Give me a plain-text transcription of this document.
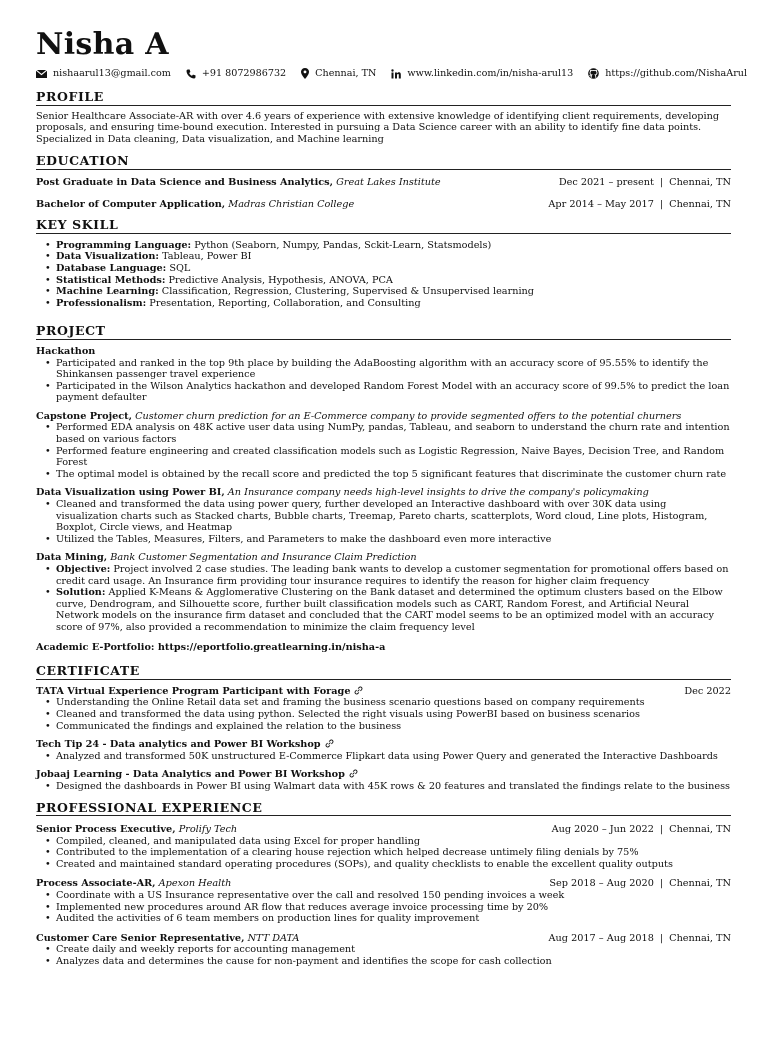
Nisha A
nishaarul13@gmail.com	+91 8072986732	Chennai, TN	www.linkedin.com/in/nisha-arul13	https://github.com/NishaArul
PROFILE
Senior Healthcare Associate-AR with over 4.6 years of experience with extensive knowledge of identifying client requirements, developing proposals, and ensuring time-bound execution. Interested in pursuing a Data Science career with an ability to identify fine data points. Specialized in Data cleaning, Data visualization, and Machine learning
EDUCATION
Post Graduate in Data Science and Business Analytics, Great Lakes Institute	Dec 2021 – present | Chennai, TN
Bachelor of Computer Application, Madras Christian College	Apr 2014 – May 2017 | Chennai, TN
KEY SKILL
• Programming Language: Python (Seaborn, Numpy, Pandas, Sckit-Learn, Statsmodels)
• Data Visualization: Tableau, Power BI
• Database Language: SQL
• Statistical Methods: Predictive Analysis, Hypothesis, ANOVA, PCA
• Machine Learning: Classification, Regression, Clustering, Supervised & Unsupervised learning
• Professionalism: Presentation, Reporting, Collaboration, and Consulting
PROJECT
Hackathon
• Participated and ranked in the top 9th place by building the AdaBoosting algorithm with an accuracy score of 95.55% to identify the Shinkansen passenger travel experience
• Participated in the Wilson Analytics hackathon and developed Random Forest Model with an accuracy score of 99.5% to predict the loan payment defaulter
Capstone Project, Customer churn prediction for an E-Commerce company to provide segmented offers to the potential churners
• Performed EDA analysis on 48K active user data using NumPy, pandas, Tableau, and seaborn to understand the churn rate and intention based on various factors
• Performed feature engineering and created classification models such as Logistic Regression, Naive Bayes, Decision Tree, and Random Forest
• The optimal model is obtained by the recall score and predicted the top 5 significant features that discriminate the customer churn rate
Data Visualization using Power BI, An Insurance company needs high-level insights to drive the company's policymaking
• Cleaned and transformed the data using power query, further developed an Interactive dashboard with over 30K data using visualization charts such as Stacked charts, Bubble charts, Treemap, Pareto charts, scatterplots, Word cloud, Line plots, Histogram, Boxplot, Circle views, and Heatmap
• Utilized the Tables, Measures, Filters, and Parameters to make the dashboard even more interactive
Data Mining, Bank Customer Segmentation and Insurance Claim Prediction
• Objective: Project involved 2 case studies. The leading bank wants to develop a customer segmentation for promotional offers based on credit card usage. An Insurance firm providing tour insurance requires to identify the reason for higher claim frequency
• Solution: Applied K-Means & Agglomerative Clustering on the Bank dataset and determined the optimum clusters based on the Elbow curve, Dendrogram, and Silhouette score, further built classification models such as CART, Random Forest, and Artificial Neural Network models on the insurance firm dataset and concluded that the CART model seems to be an optimized model with an accuracy score of 97%, also provided a recommendation to minimize the claim frequency level
Academic E-Portfolio: https://eportfolio.greatlearning.in/nisha-a
CERTIFICATE
TATA Virtual Experience Program Participant with Forage	Dec 2022
• Understanding the Online Retail data set and framing the business scenario questions based on company requirements
• Cleaned and transformed the data using python. Selected the right visuals using PowerBI based on business scenarios
• Communicated the findings and explained the relation to the business
Tech Tip 24 - Data analytics and Power BI Workshop
• Analyzed and transformed 50K unstructured E-Commerce Flipkart data using Power Query and generated the Interactive Dashboards
Jobaaj Learning - Data Analytics and Power BI Workshop
• Designed the dashboards in Power BI using Walmart data with 45K rows & 20 features and translated the findings relate to the business
PROFESSIONAL EXPERIENCE
Senior Process Executive, Prolify Tech	Aug 2020 – Jun 2022 | Chennai, TN
• Compiled, cleaned, and manipulated data using Excel for proper handling
• Contributed to the implementation of a clearing house rejection which helped decrease untimely filing denials by 75%
• Created and maintained standard operating procedures (SOPs), and quality checklists to enable the excellent quality outputs
Process Associate-AR, Apexon Health	Sep 2018 – Aug 2020 | Chennai, TN
• Coordinate with a US Insurance representative over the call and resolved 150 pending invoices a week
• Implemented new procedures around AR flow that reduces average invoice processing time by 20%
• Audited the activities of 6 team members on production lines for quality improvement
Customer Care Senior Representative, NTT DATA	Aug 2017 – Aug 2018 | Chennai, TN
• Create daily and weekly reports for accounting management
• Analyzes data and determines the cause for non-payment and identifies the scope for cash collection
